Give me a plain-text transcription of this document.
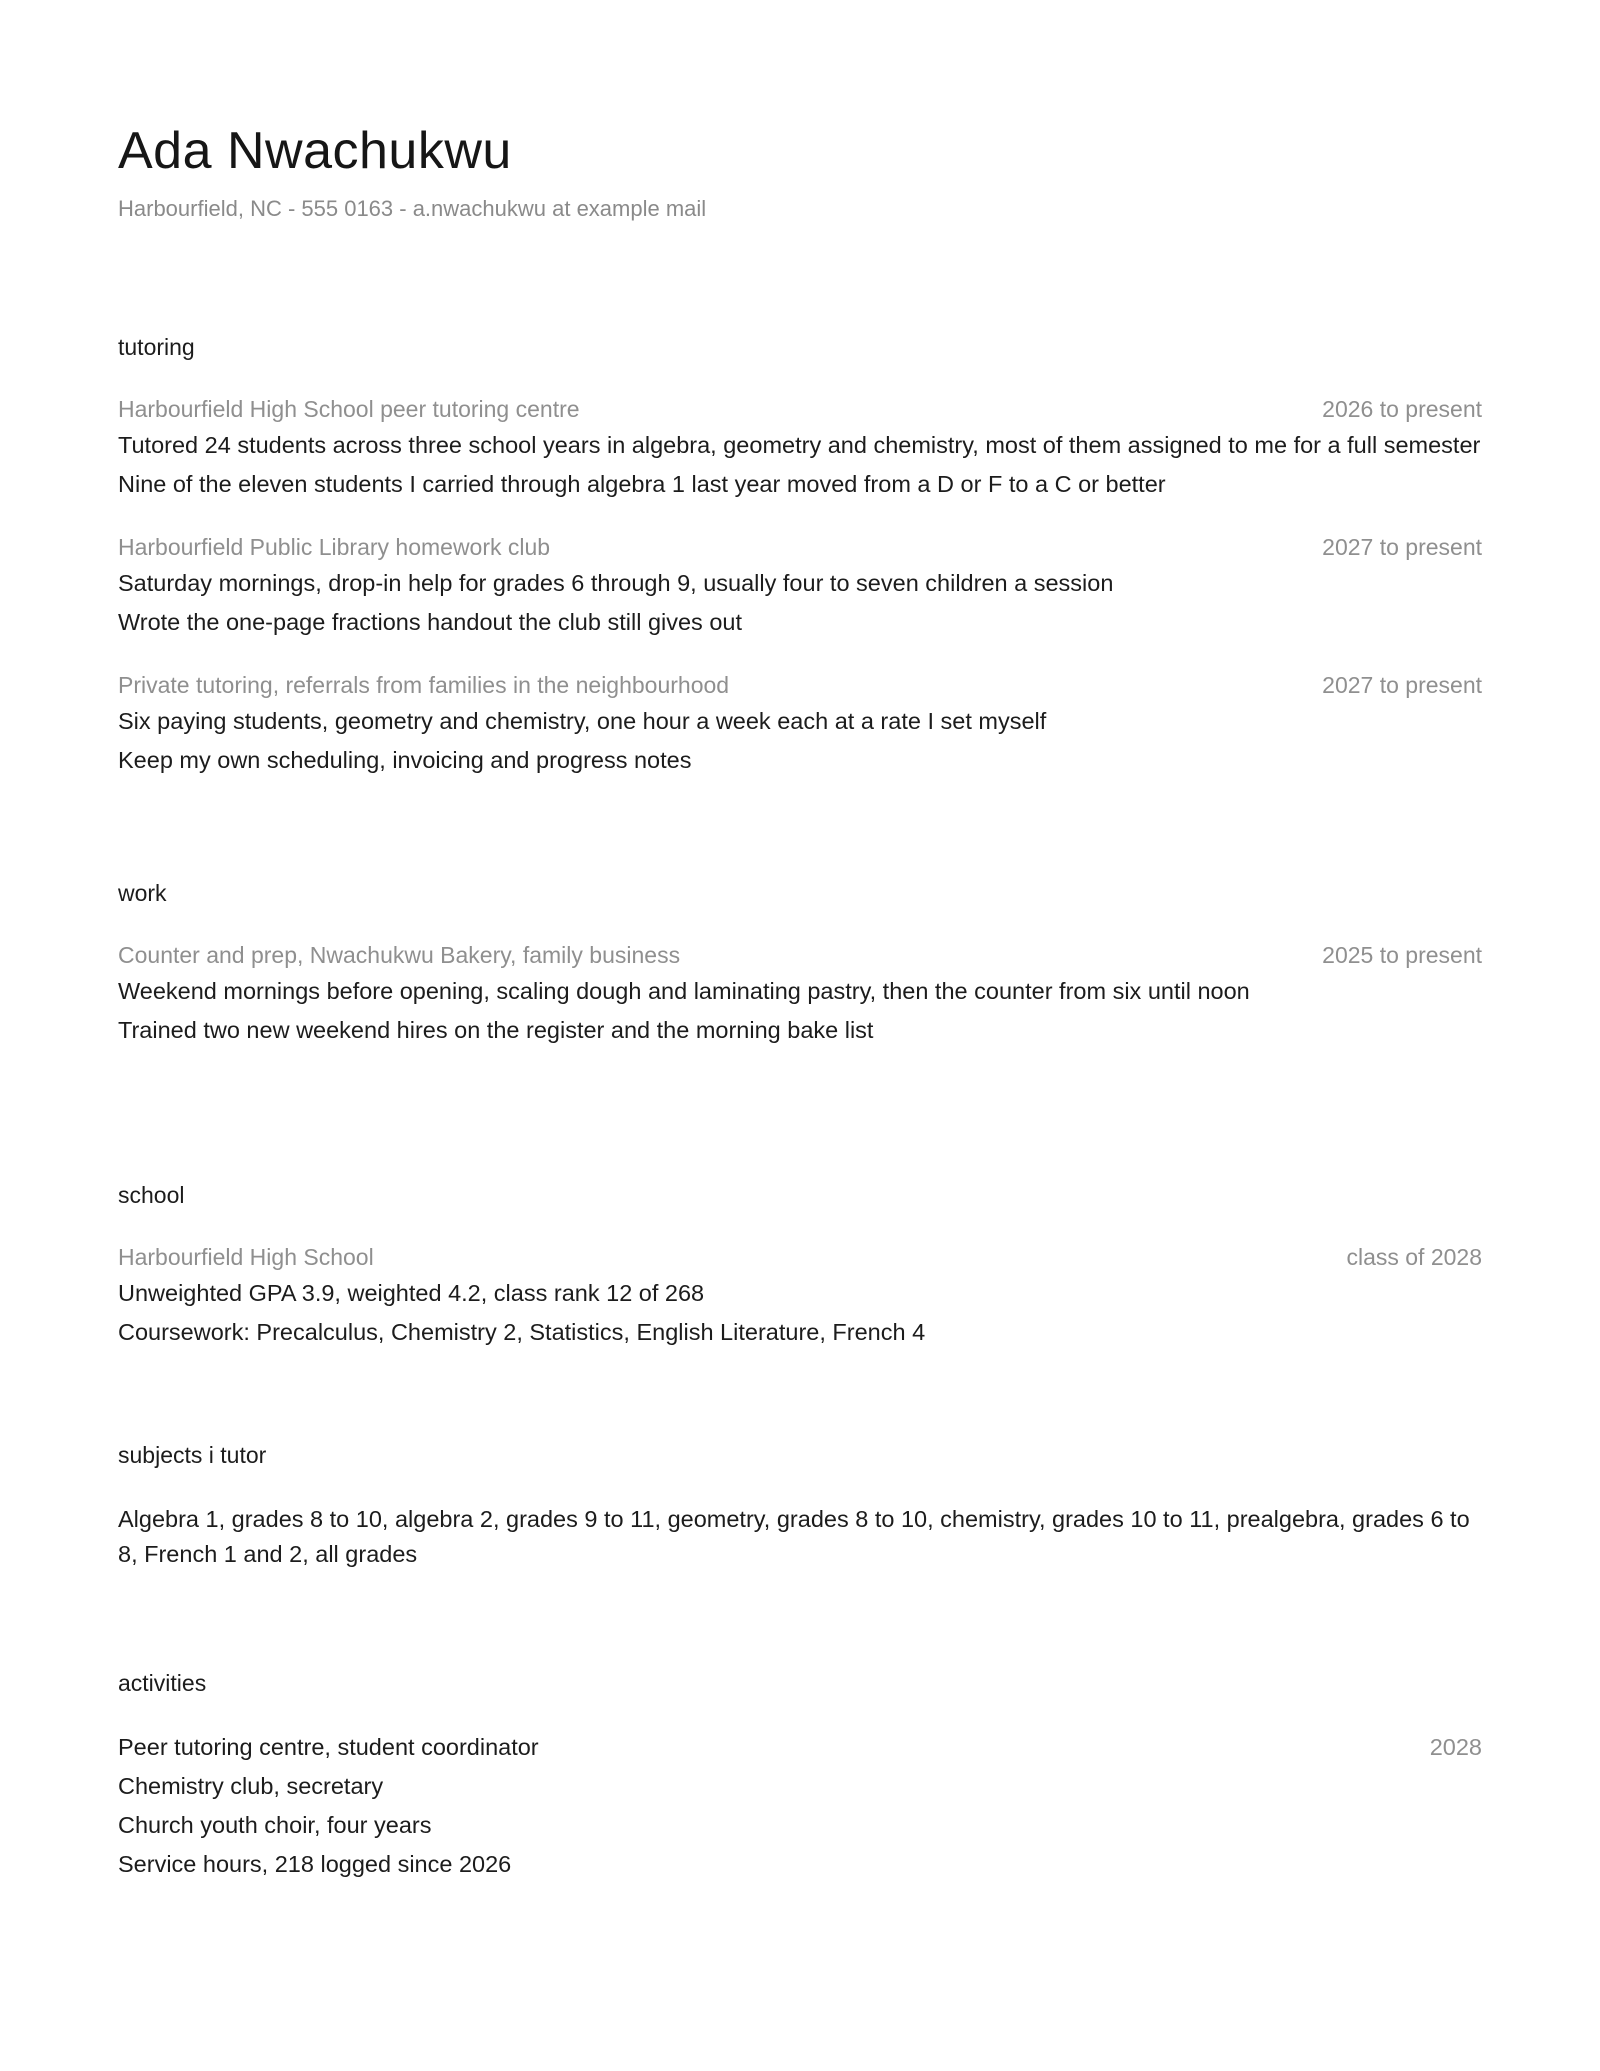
Ada Nwachukwu
Harbourfield, NC - 555 0163 - a.nwachukwu at example mail
tutoring
Harbourfield High School peer tutoring centre	2026 to present
Tutored 24 students across three school years in algebra, geometry and chemistry, most of them assigned to me for a full semester
Nine of the eleven students I carried through algebra 1 last year moved from a D or F to a C or better
Harbourfield Public Library homework club	2027 to present
Saturday mornings, drop-in help for grades 6 through 9, usually four to seven children a session
Wrote the one-page fractions handout the club still gives out
Private tutoring, referrals from families in the neighbourhood	2027 to present
Six paying students, geometry and chemistry, one hour a week each at a rate I set myself
Keep my own scheduling, invoicing and progress notes
work
Counter and prep, Nwachukwu Bakery, family business	2025 to present
Weekend mornings before opening, scaling dough and laminating pastry, then the counter from six until noon
Trained two new weekend hires on the register and the morning bake list
school
Harbourfield High School	class of 2028
Unweighted GPA 3.9, weighted 4.2, class rank 12 of 268
Coursework: Precalculus, Chemistry 2, Statistics, English Literature, French 4
subjects i tutor
Algebra 1, grades 8 to 10, algebra 2, grades 9 to 11, geometry, grades 8 to 10, chemistry, grades 10 to 11, prealgebra, grades 6 to 8, French 1 and 2, all grades
activities
Peer tutoring centre, student coordinator	2028
Chemistry club, secretary
Church youth choir, four years
Service hours, 218 logged since 2026
